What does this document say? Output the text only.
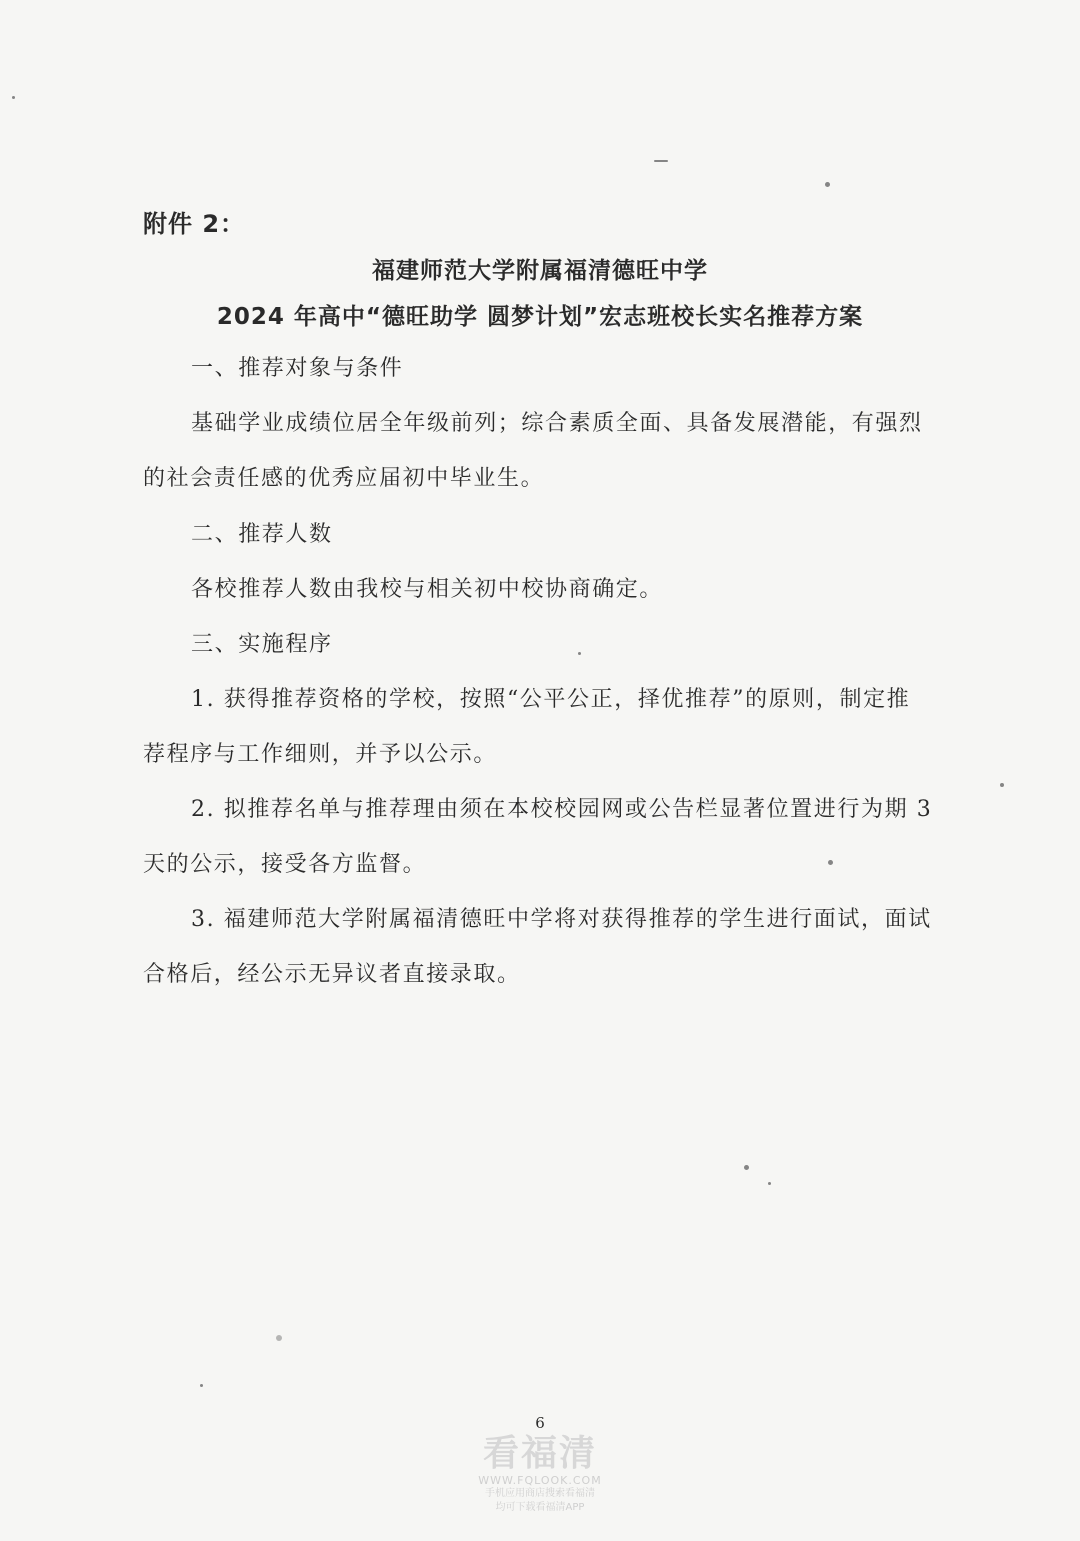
附件 2：
福建师范大学附属福清德旺中学
2024 年高中“德旺助学 圆梦计划”宏志班校长实名推荐方案
一、推荐对象与条件
基础学业成绩位居全年级前列；综合素质全面、具备发展潜能，有强烈的社会责任感的优秀应届初中毕业生。
二、推荐人数
各校推荐人数由我校与相关初中校协商确定。
三、实施程序
1. 获得推荐资格的学校，按照“公平公正，择优推荐”的原则，制定推荐程序与工作细则，并予以公示。
2. 拟推荐名单与推荐理由须在本校校园网或公告栏显著位置进行为期 3 天的公示，接受各方监督。
3. 福建师范大学附属福清德旺中学将对获得推荐的学生进行面试，面试合格后，经公示无异议者直接录取。
6
看福清
WWW.FQLOOK.COM
手机应用商店搜索看福清
均可下载看福清APP
